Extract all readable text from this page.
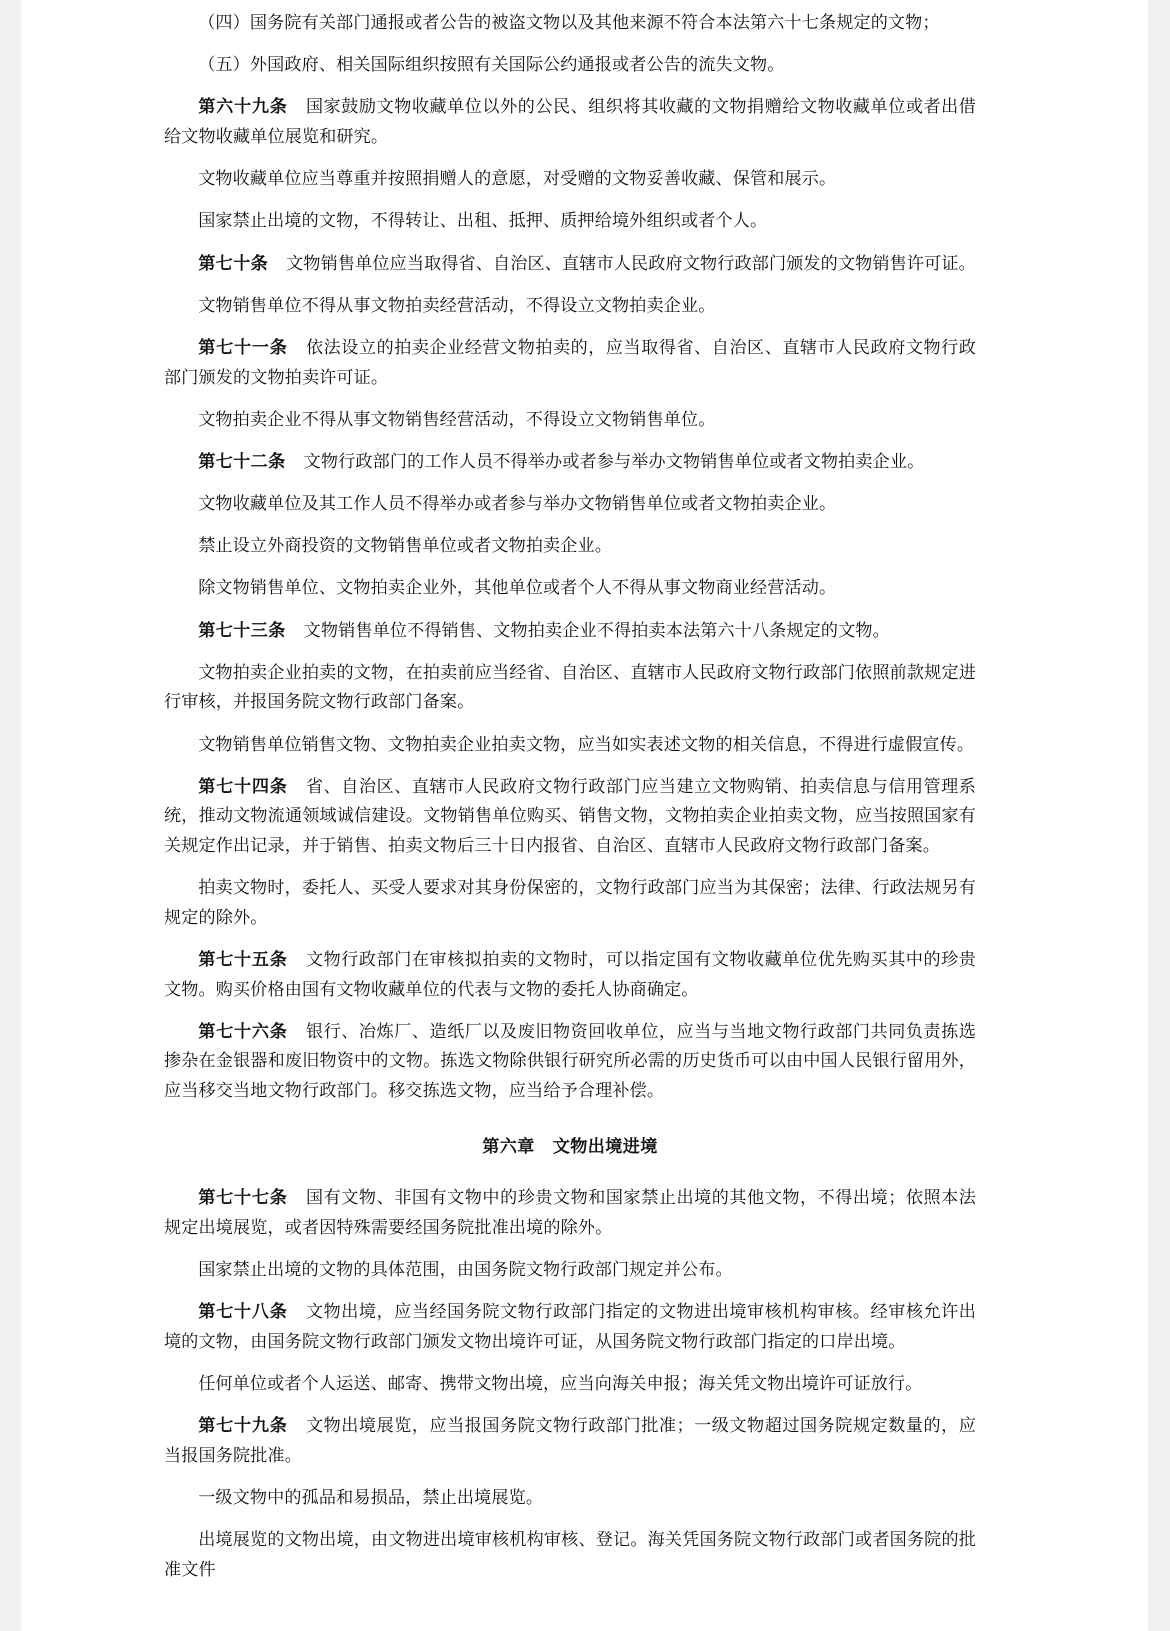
（四）国务院有关部门通报或者公告的被盗文物以及其他来源不符合本法第六十七条规定的文物；

（五）外国政府、相关国际组织按照有关国际公约通报或者公告的流失文物。

第六十九条 国家鼓励文物收藏单位以外的公民、组织将其收藏的文物捐赠给文物收藏单位或者出借给文物收藏单位展览和研究。

文物收藏单位应当尊重并按照捐赠人的意愿，对受赠的文物妥善收藏、保管和展示。

国家禁止出境的文物，不得转让、出租、抵押、质押给境外组织或者个人。

第七十条 文物销售单位应当取得省、自治区、直辖市人民政府文物行政部门颁发的文物销售许可证。

文物销售单位不得从事文物拍卖经营活动，不得设立文物拍卖企业。

第七十一条 依法设立的拍卖企业经营文物拍卖的，应当取得省、自治区、直辖市人民政府文物行政部门颁发的文物拍卖许可证。

文物拍卖企业不得从事文物销售经营活动，不得设立文物销售单位。

第七十二条 文物行政部门的工作人员不得举办或者参与举办文物销售单位或者文物拍卖企业。

文物收藏单位及其工作人员不得举办或者参与举办文物销售单位或者文物拍卖企业。

禁止设立外商投资的文物销售单位或者文物拍卖企业。

除文物销售单位、文物拍卖企业外，其他单位或者个人不得从事文物商业经营活动。

第七十三条 文物销售单位不得销售、文物拍卖企业不得拍卖本法第六十八条规定的文物。

文物拍卖企业拍卖的文物，在拍卖前应当经省、自治区、直辖市人民政府文物行政部门依照前款规定进行审核，并报国务院文物行政部门备案。

文物销售单位销售文物、文物拍卖企业拍卖文物，应当如实表述文物的相关信息，不得进行虚假宣传。

第七十四条 省、自治区、直辖市人民政府文物行政部门应当建立文物购销、拍卖信息与信用管理系统，推动文物流通领域诚信建设。文物销售单位购买、销售文物，文物拍卖企业拍卖文物，应当按照国家有关规定作出记录，并于销售、拍卖文物后三十日内报省、自治区、直辖市人民政府文物行政部门备案。

拍卖文物时，委托人、买受人要求对其身份保密的，文物行政部门应当为其保密；法律、行政法规另有规定的除外。

第七十五条 文物行政部门在审核拟拍卖的文物时，可以指定国有文物收藏单位优先购买其中的珍贵文物。购买价格由国有文物收藏单位的代表与文物的委托人协商确定。

第七十六条 银行、冶炼厂、造纸厂以及废旧物资回收单位，应当与当地文物行政部门共同负责拣选掺杂在金银器和废旧物资中的文物。拣选文物除供银行研究所必需的历史货币可以由中国人民银行留用外，应当移交当地文物行政部门。移交拣选文物，应当给予合理补偿。

第六章 文物出境进境

第七十七条 国有文物、非国有文物中的珍贵文物和国家禁止出境的其他文物，不得出境；依照本法规定出境展览，或者因特殊需要经国务院批准出境的除外。

国家禁止出境的文物的具体范围，由国务院文物行政部门规定并公布。

第七十八条 文物出境，应当经国务院文物行政部门指定的文物进出境审核机构审核。经审核允许出境的文物，由国务院文物行政部门颁发文物出境许可证，从国务院文物行政部门指定的口岸出境。

任何单位或者个人运送、邮寄、携带文物出境，应当向海关申报；海关凭文物出境许可证放行。

第七十九条 文物出境展览，应当报国务院文物行政部门批准；一级文物超过国务院规定数量的，应当报国务院批准。

一级文物中的孤品和易损品，禁止出境展览。

出境展览的文物出境，由文物进出境审核机构审核、登记。海关凭国务院文物行政部门或者国务院的批准文件
